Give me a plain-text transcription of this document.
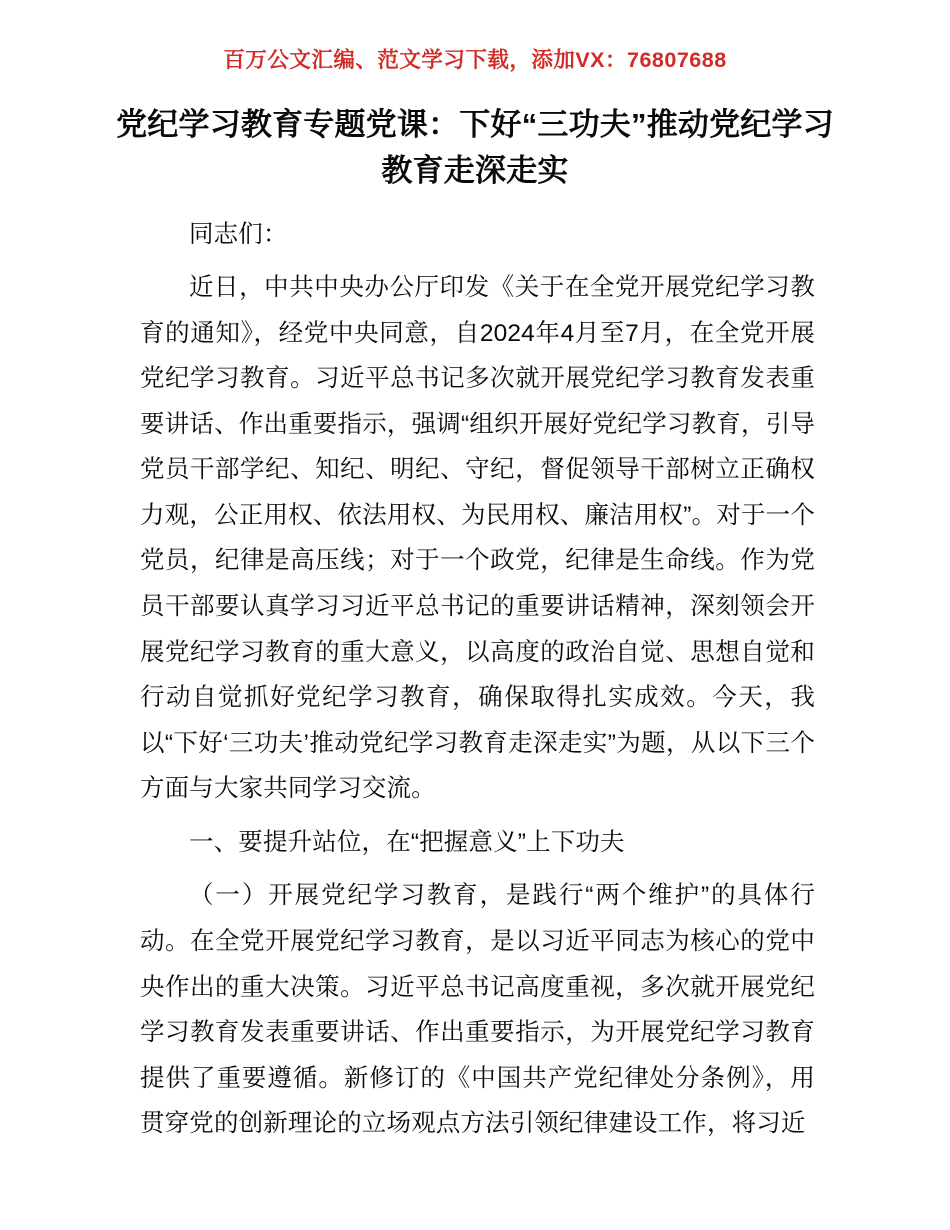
百万公文汇编、范文学习下载，添加VX：76807688
党纪学习教育专题党课：下好“三功夫”推动党纪学习教育走深走实

同志们：

近日，中共中央办公厅印发《关于在全党开展党纪学习教育的通知》，经党中央同意，自2024年4月至7月，在全党开展党纪学习教育。习近平总书记多次就开展党纪学习教育发表重要讲话、作出重要指示，强调“组织开展好党纪学习教育，引导党员干部学纪、知纪、明纪、守纪，督促领导干部树立正确权力观，公正用权、依法用权、为民用权、廉洁用权”。对于一个党员，纪律是高压线；对于一个政党，纪律是生命线。作为党员干部要认真学习习近平总书记的重要讲话精神，深刻领会开展党纪学习教育的重大意义，以高度的政治自觉、思想自觉和行动自觉抓好党纪学习教育，确保取得扎实成效。今天，我以“下好‘三功夫’推动党纪学习教育走深走实”为题，从以下三个方面与大家共同学习交流。

一、要提升站位，在“把握意义”上下功夫

（一）开展党纪学习教育，是践行“两个维护”的具体行动。在全党开展党纪学习教育，是以习近平同志为核心的党中央作出的重大决策。习近平总书记高度重视，多次就开展党纪学习教育发表重要讲话、作出重要指示，为开展党纪学习教育提供了重要遵循。新修订的《中国共产党纪律处分条例》，用贯穿党的创新理论的立场观点方法引领纪律建设工作，将习近
